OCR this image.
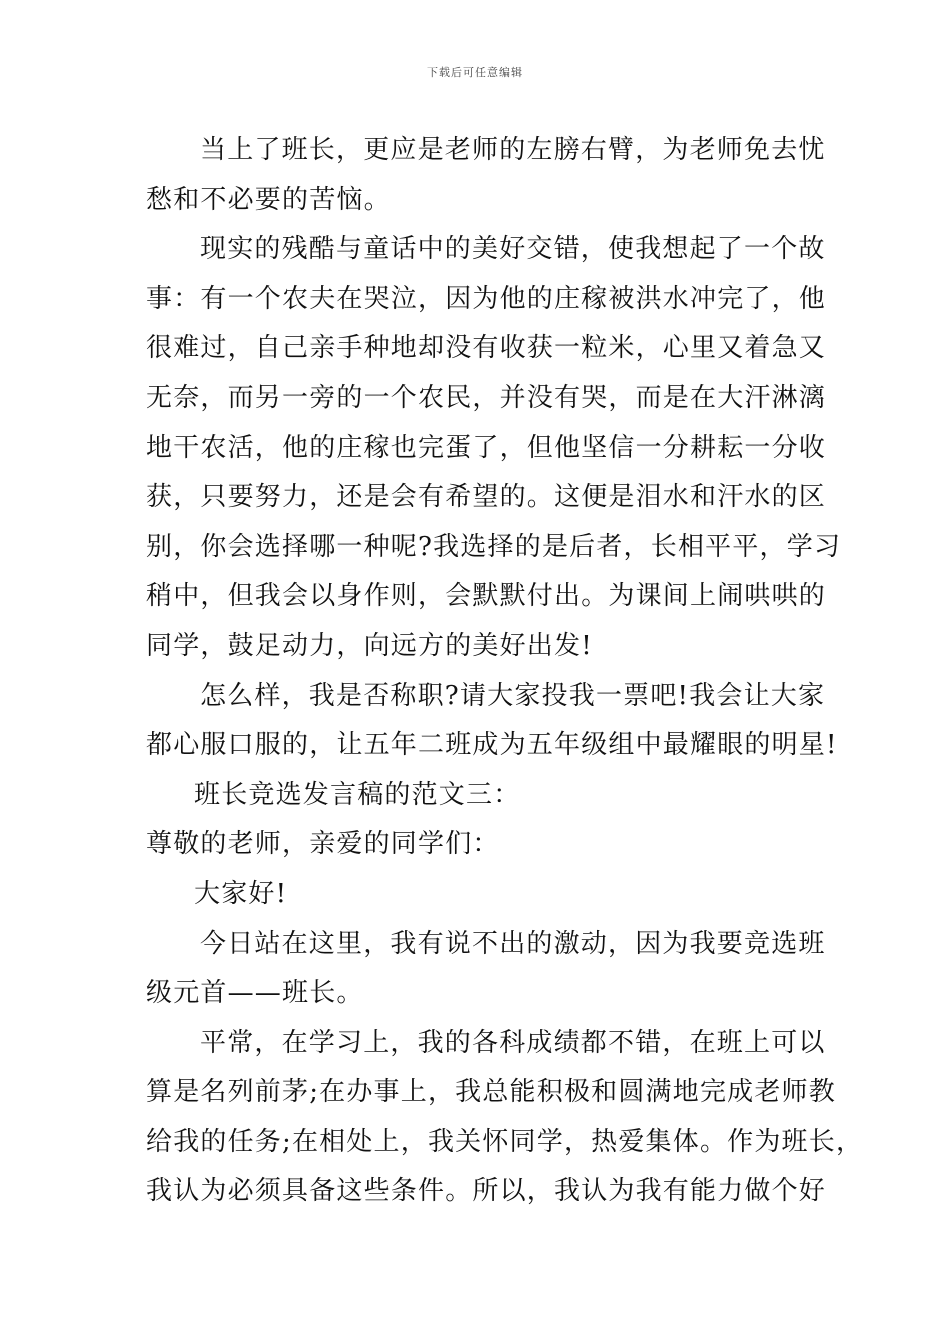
下载后可任意编辑
当上了班长，更应是老师的左膀右臂，为老师免去忧
愁和不必要的苦恼。
现实的残酷与童话中的美好交错，使我想起了一个故
事：有一个农夫在哭泣，因为他的庄稼被洪水冲完了，他
很难过，自己亲手种地却没有收获一粒米，心里又着急又
无奈，而另一旁的一个农民，并没有哭，而是在大汗淋漓
地干农活，他的庄稼也完蛋了，但他坚信一分耕耘一分收
获，只要努力，还是会有希望的。这便是泪水和汗水的区
别，你会选择哪一种呢?我选择的是后者，长相平平，学习
稍中，但我会以身作则，会默默付出。为课间上闹哄哄的
同学，鼓足动力，向远方的美好出发!
怎么样，我是否称职?请大家投我一票吧!我会让大家
都心服口服的，让五年二班成为五年级组中最耀眼的明星!
班长竞选发言稿的范文三：
尊敬的老师，亲爱的同学们：
大家好!
今日站在这里，我有说不出的激动，因为我要竞选班
级元首——班长。
平常，在学习上，我的各科成绩都不错，在班上可以
算是名列前茅;在办事上，我总能积极和圆满地完成老师教
给我的任务;在相处上，我关怀同学，热爱集体。作为班长，
我认为必须具备这些条件。所以，我认为我有能力做个好
